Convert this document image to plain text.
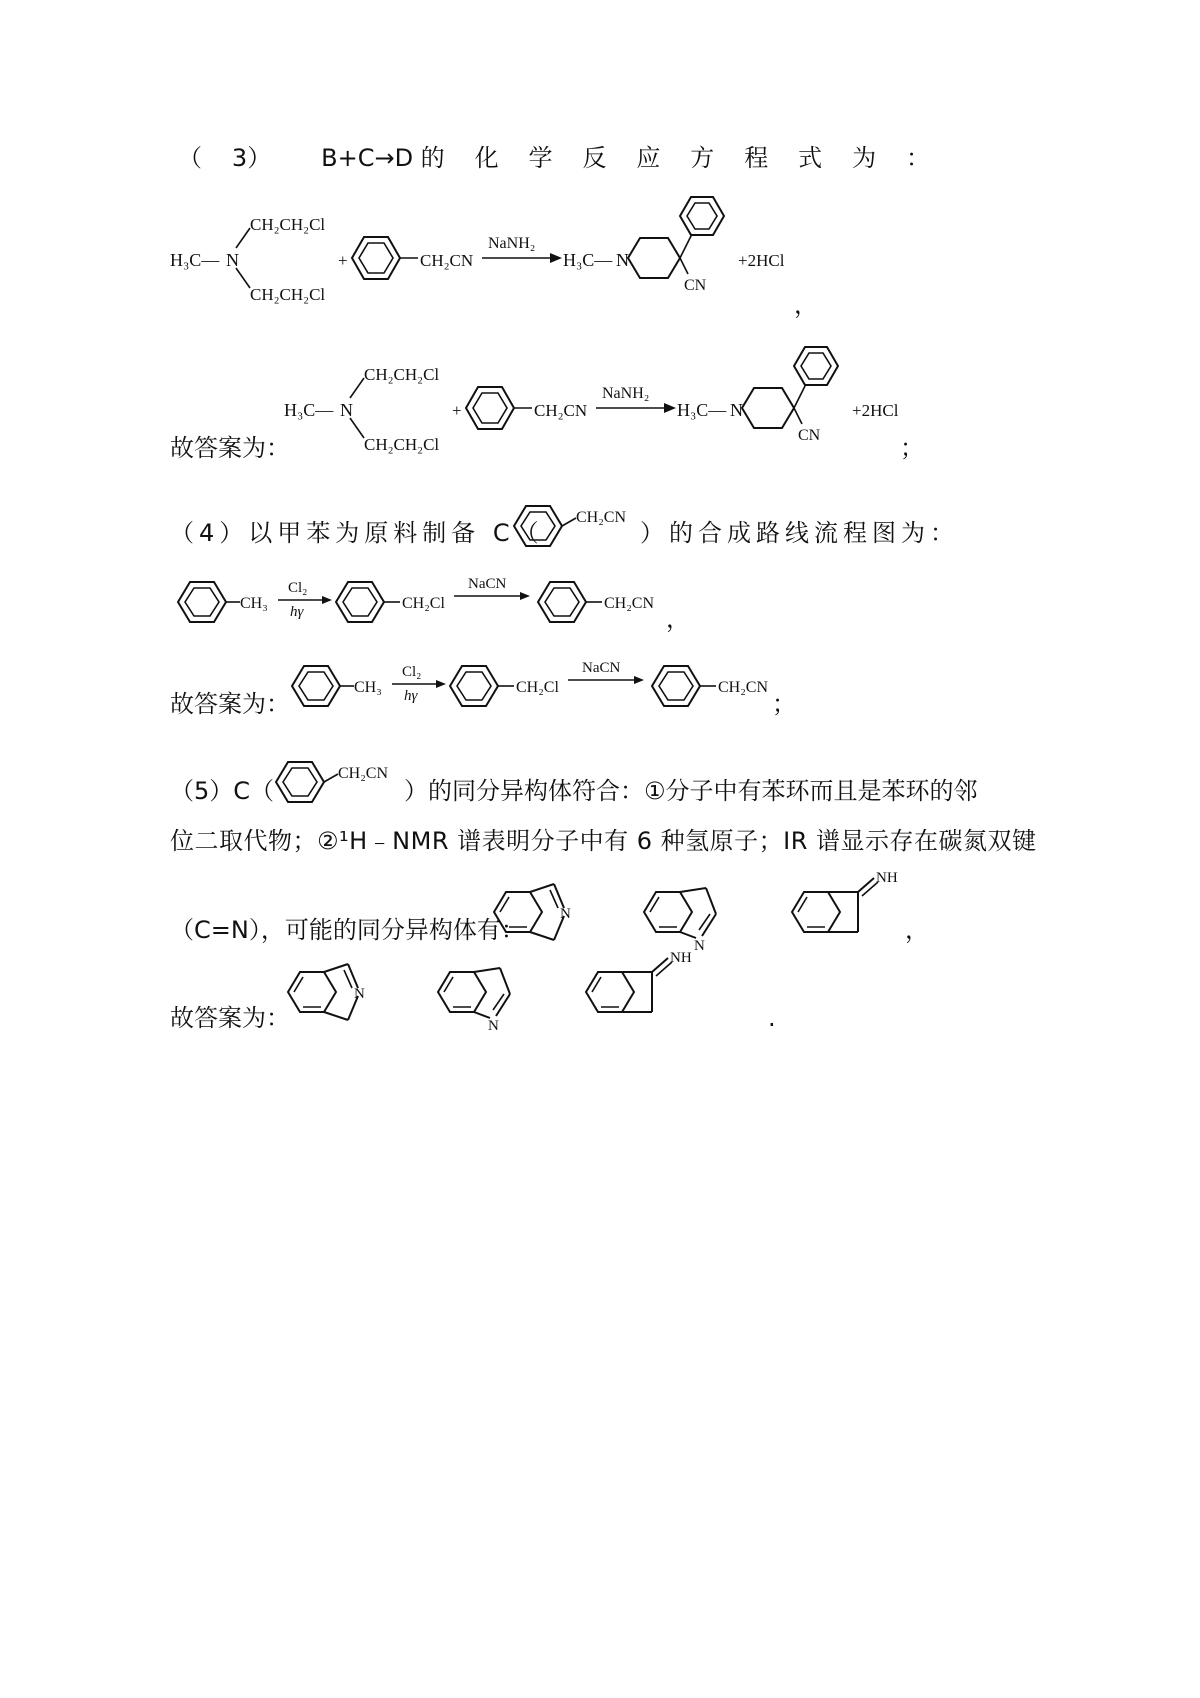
（ 3） B+C→D 的 化 学 反 应 方 程 式 为 ：
H₃C— N
CH₂CH₂Cl
CH₂CH₂Cl
+	CH₂CN
NaNH₂
H₃C— N
CN
+2HCl
，
故答案为：
H₃C— N
CH₂CH₂Cl
CH₂CH₂Cl
+	CH₂CN
NaNH₂
H₃C— N
CN
+2HCl
；
（4）以甲苯为原料制备 C（
CH₂CN
）的合成路线流程图为：
CH₃
Cl₂
hγ	CH₂Cl
NaCN
CH₂CN
，
故答案为：
CH₃
Cl₂
hγ	CH₂Cl
NaCN
CH₂CN
；
（5）C（
CH₂CN
）的同分异构体符合：①分子中有苯环而且是苯环的邻
位二取代物；②¹H﹣NMR 谱表明分子中有 6 种氢原子；IR 谱显示存在碳氮双键
（C=N），可能的同分异构体有：
N
N
NH
，
故答案为：
N
N
NH
.
